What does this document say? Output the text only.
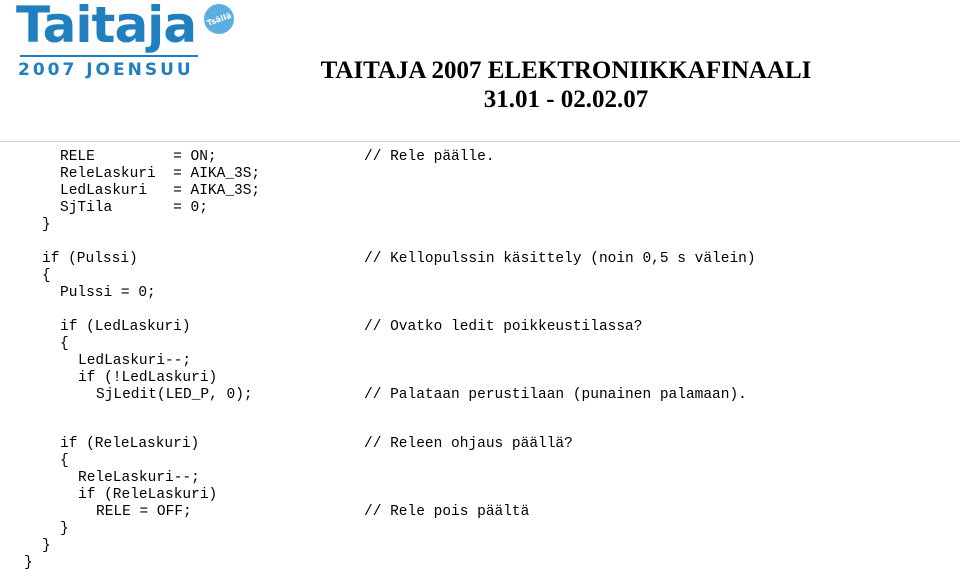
Taitaja	Tsällä
2007 JOENSUU	TAITAJA 2007 ELEKTRONIIKKAFINAALI
31.01 - 02.02.07
RELE         = ON;	// Rele päälle.
ReleLaskuri  = AIKA_3S;
LedLaskuri   = AIKA_3S;
SjTila       = 0;
}
if (Pulssi)	// Kellopulssin käsittely (noin 0,5 s välein)
{
Pulssi = 0;
if (LedLaskuri)	// Ovatko ledit poikkeustilassa?
{
LedLaskuri--;
if (!LedLaskuri)
SjLedit(LED_P, 0);	// Palataan perustilaan (punainen palamaan).
if (ReleLaskuri)	// Releen ohjaus päällä?
{
ReleLaskuri--;
if (ReleLaskuri)
RELE = OFF;	// Rele pois päältä
}
}
}
